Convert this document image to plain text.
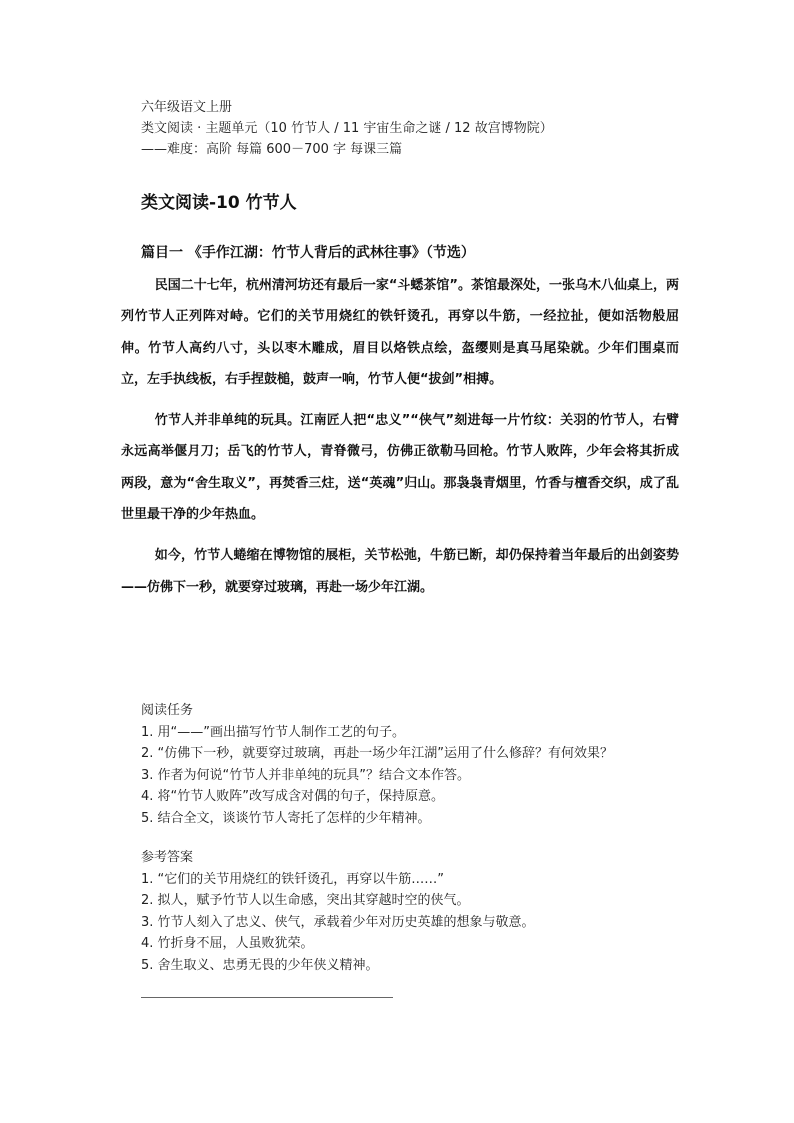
六年级语文上册
类文阅读 · 主题单元（10 竹节人 / 11 宇宙生命之谜 / 12 故宫博物院）
——难度：高阶 每篇 600－700 字 每课三篇
类文阅读-10 竹节人
篇目一 《手作江湖：竹节人背后的武林往事》（节选）

民国二十七年，杭州清河坊还有最后一家“斗蟋茶馆”。茶馆最深处，一张乌木八仙桌上，两列竹节人正列阵对峙。它们的关节用烧红的铁钎烫孔，再穿以牛筋，一经拉扯，便如活物般屈伸。竹节人高约八寸，头以枣木雕成，眉目以烙铁点绘，盔缨则是真马尾染就。少年们围桌而立，左手执线板，右手捏鼓槌，鼓声一响，竹节人便“拔剑”相搏。

竹节人并非单纯的玩具。江南匠人把“忠义”“侠气”刻进每一片竹纹：关羽的竹节人，右臂永远高举偃月刀；岳飞的竹节人，青脊微弓，仿佛正欲勒马回枪。竹节人败阵，少年会将其折成两段，意为“舍生取义”，再焚香三炷，送“英魂”归山。那袅袅青烟里，竹香与檀香交织，成了乱世里最干净的少年热血。

如今，竹节人蜷缩在博物馆的展柜，关节松弛，牛筋已断，却仍保持着当年最后的出剑姿势——仿佛下一秒，就要穿过玻璃，再赴一场少年江湖。

阅读任务
1. 用“——”画出描写竹节人制作工艺的句子。
2. “仿佛下一秒，就要穿过玻璃，再赴一场少年江湖”运用了什么修辞？有何效果？
3. 作者为何说“竹节人并非单纯的玩具”？结合文本作答。
4. 将“竹节人败阵”改写成含对偶的句子，保持原意。
5. 结合全文，谈谈竹节人寄托了怎样的少年精神。
参考答案
1. “它们的关节用烧红的铁钎烫孔，再穿以牛筋……”
2. 拟人，赋予竹节人以生命感，突出其穿越时空的侠气。
3. 竹节人刻入了忠义、侠气，承载着少年对历史英雄的想象与敬意。
4. 竹折身不屈，人虽败犹荣。
5. 舍生取义、忠勇无畏的少年侠义精神。
